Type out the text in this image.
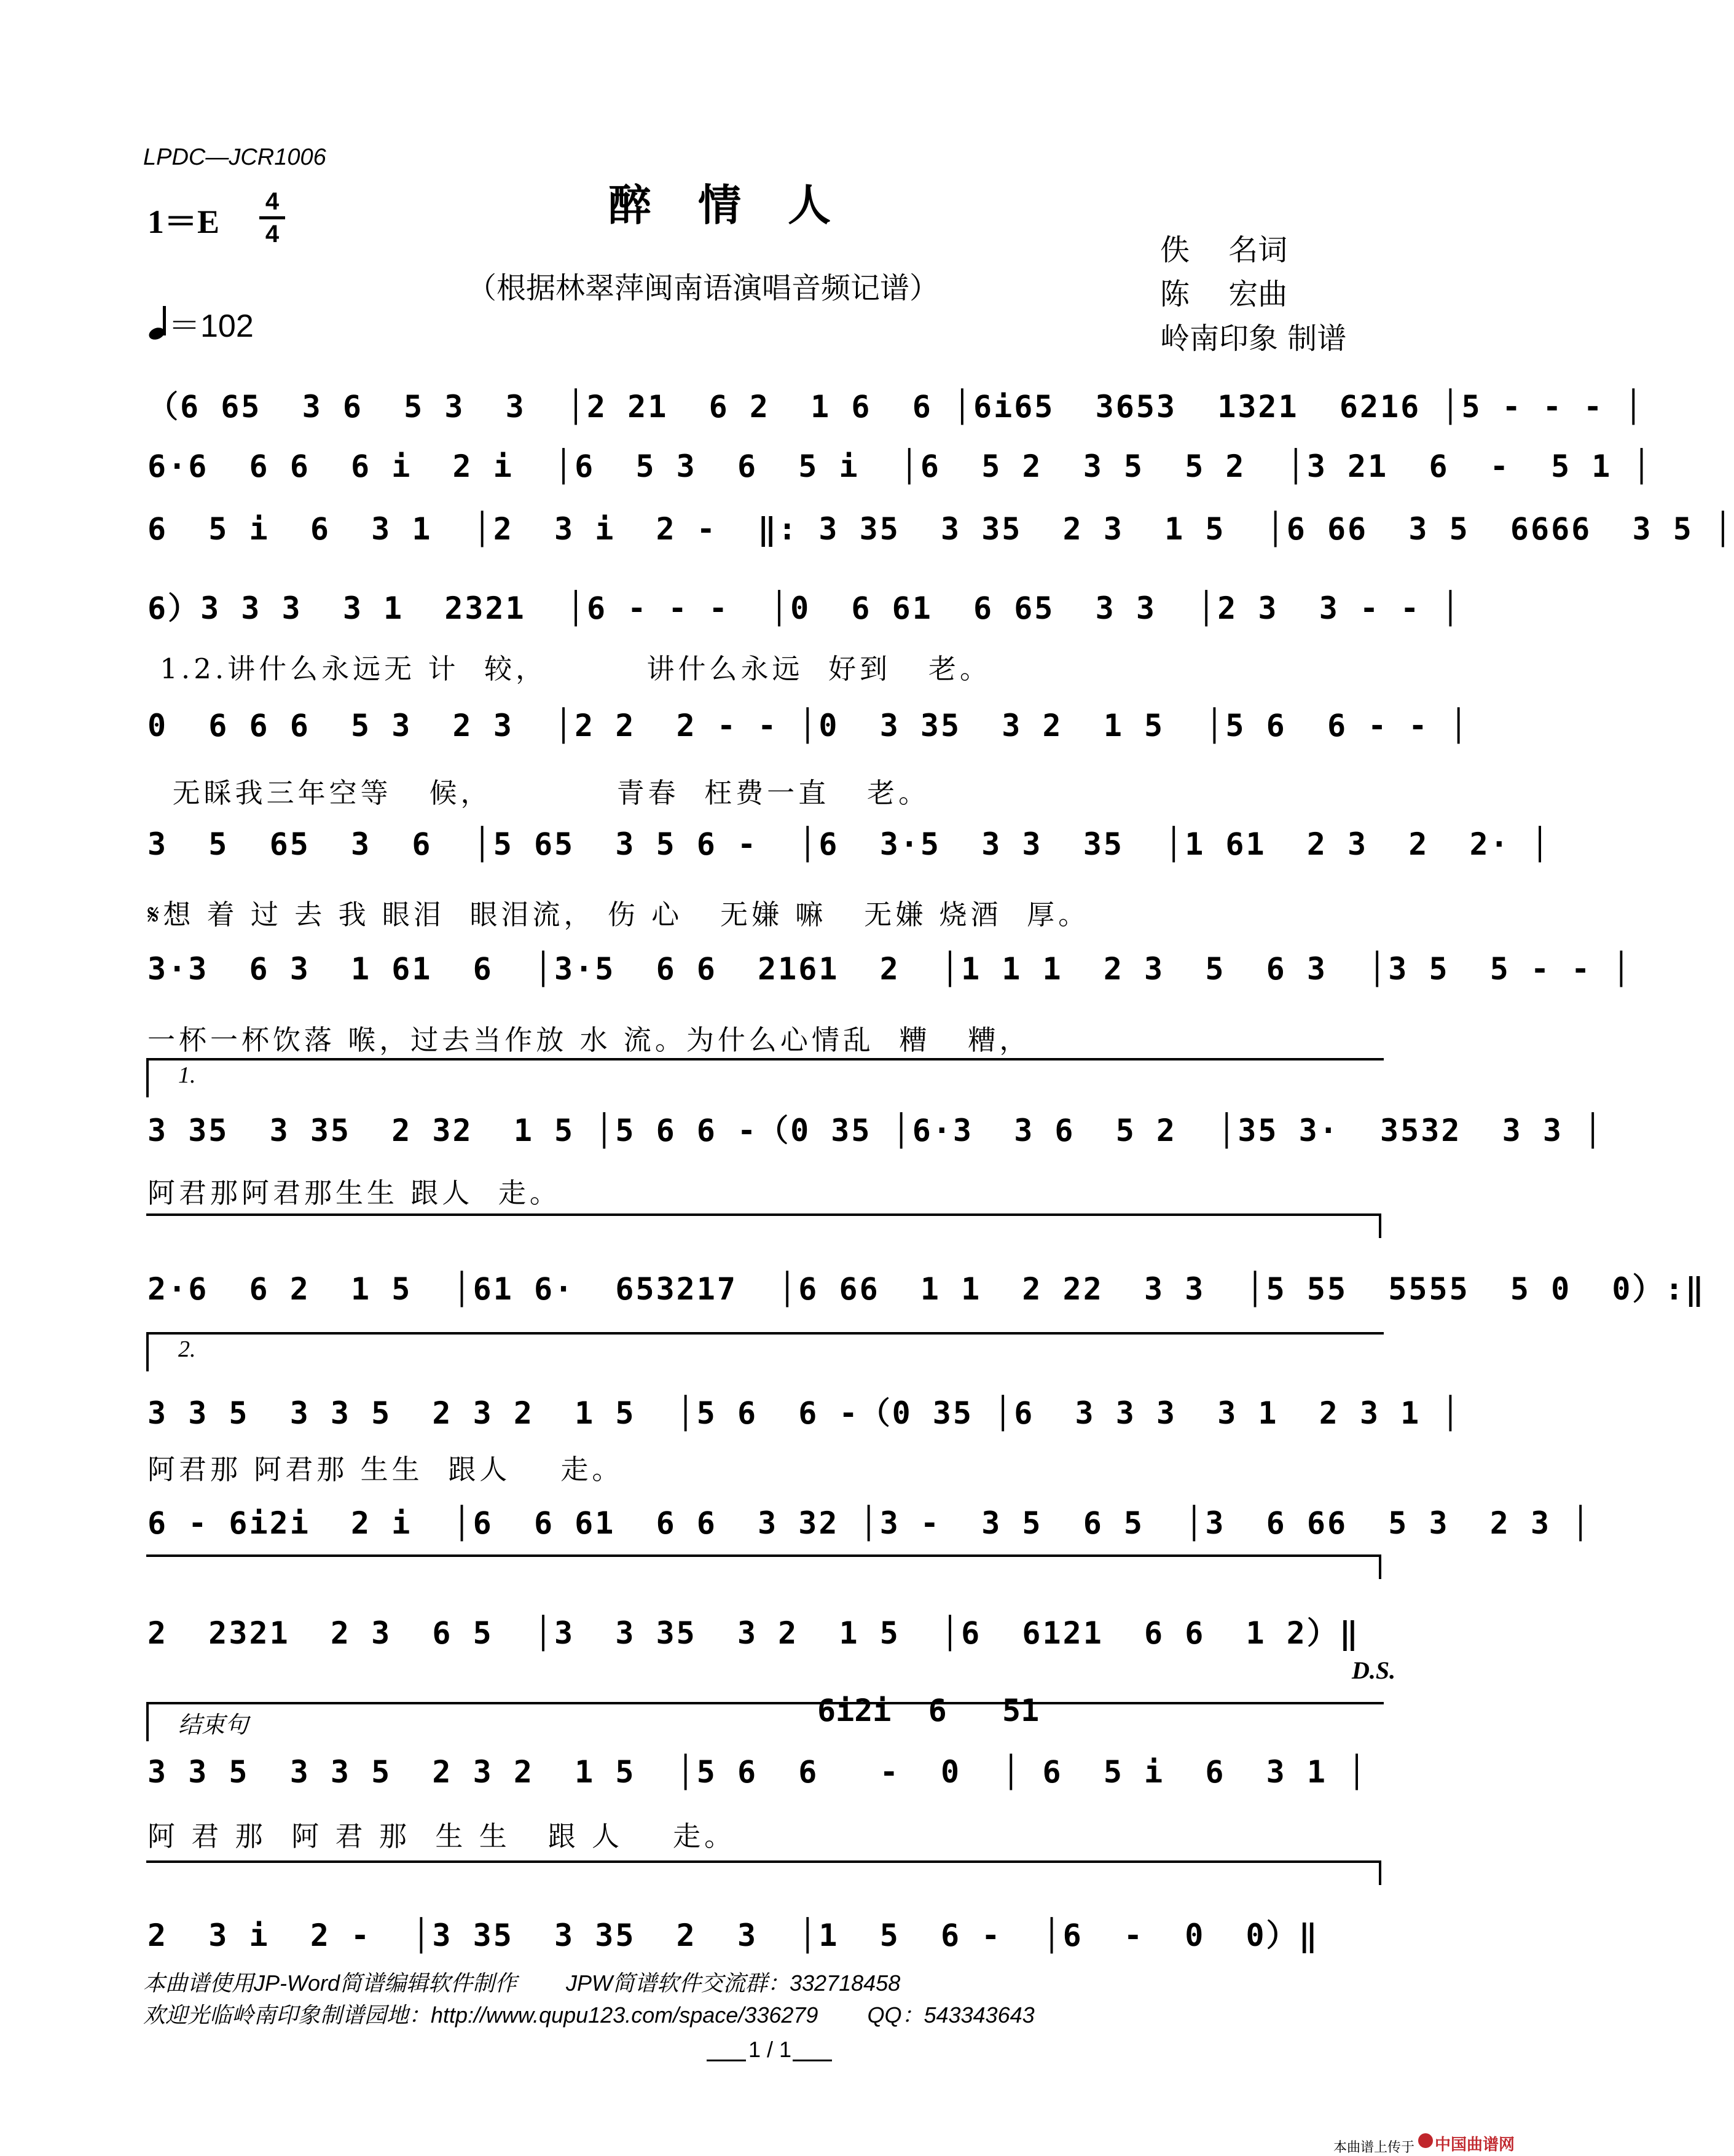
LPDC—JCR1006
1＝E
4
4
＝102
醉情人
（根据林翠萍闽南语演唱音频记谱）
佚　 名词
陈　 宏曲
岭南印象 制谱
（6 65  3 6  5 3  3  │2 21  6 2  1 6  6 │6i65  3653  1321  6216 │5 - - - │
6·6  6 6  6 i  2 i  │6  5 3  6  5 i  │6  5 2  3 5  5 2  │3 21  6  -  5 1 │
6  5 i  6  3 1  │2  3 i  2 -  ‖: 3 35  3 35  2 3  1 5  │6 66  3 5  6666  3 5 │
6）3 3 3  3 1  2321  │6 - - -  │0  6 61  6 65  3 3  │2 3  3 - - │
1.2.讲什么永远无 计  较，        讲什么永远  好到   老。
0  6 6 6  5 3  2 3  │2 2  2 - - │0  3 35  3 2  1 5  │5 6  6 - - │
无睬我三年空等   候，          青春  枉费一直   老。
3  5  65  3  6  │5 65  3 5 6 -  │6  3·5  3 3  35  │1 61  2 3  2  2· │
𝄋想 着 过 去 我 眼泪  眼泪流， 伤 心   无嫌 嘛   无嫌 烧酒  厚。
3·3  6 3  1 61  6  │3·5  6 6  2161  2  │1 1 1  2 3  5  6 3  │3 5  5 - - │
一杯一杯饮落 喉，过去当作放 水 流。为什么心情乱  糟   糟，
1.
3 35  3 35  2 32  1 5 │5 6 6 -（0 35 │6·3  3 6  5 2  │35 3·  3532  3 3 │
阿君那阿君那生生 跟人  走。
2·6  6 2  1 5  │61 6·  653217  │6 66  1 1  2 22  3 3  │5 55  5555  5 0  0）:‖
2.
3 3 5  3 3 5  2 3 2  1 5  │5 6  6 -（0 35 │6  3 3 3  3 1  2 3 1 │
阿君那 阿君那 生生  跟人    走。
6 - 6i2i  2 i  │6  6 61  6 6  3 32 │3 -  3 5  6 5  │3  6 66  5 3  2 3 │
2  2321  2 3  6 5  │3  3 35  3 2  1 5  │6  6121  6 6  1 2）‖
D.S.
结束句	6i2i  6   51
3 3 5  3 3 5  2 3 2  1 5  │5 6  6   -  0  │ 6  5 i  6  3 1 │
阿 君 那  阿 君 那  生 生   跟 人    走。
2  3 i  2 -  │3 35  3 35  2  3  │1  5  6 -  │6  -  0  0）‖
本曲谱使用JP-Word简谱编辑软件制作        JPW简谱软件交流群：332718458
欢迎光临岭南印象制谱园地：http://www.qupu123.com/space/336279        QQ：543343643
1 / 1
本曲谱上传于 中国曲谱网
